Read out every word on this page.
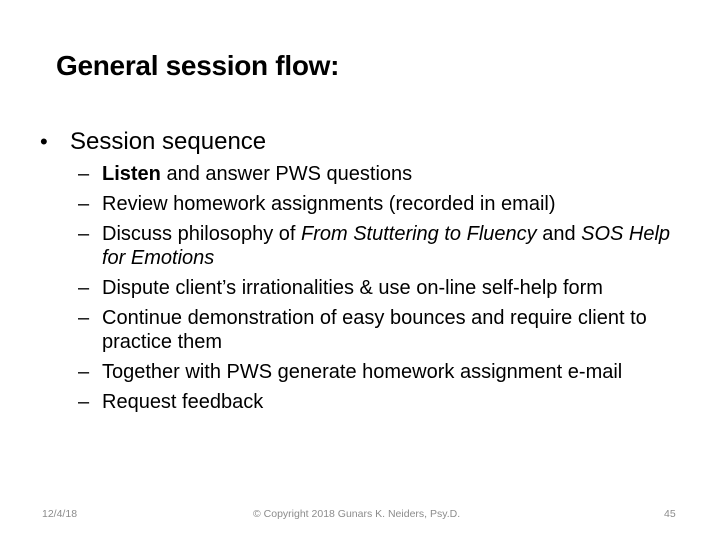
General session flow:
• Session sequence
– Listen and answer PWS questions
– Review homework assignments (recorded in email)
– Discuss philosophy of From Stuttering to Fluency and SOS Help for Emotions
– Dispute client’s irrationalities & use on-line self-help form
– Continue demonstration of easy bounces and require client to practice them
– Together with PWS generate homework assignment e-mail
– Request feedback
12/4/18	© Copyright 2018 Gunars K. Neiders, Psy.D.	45
